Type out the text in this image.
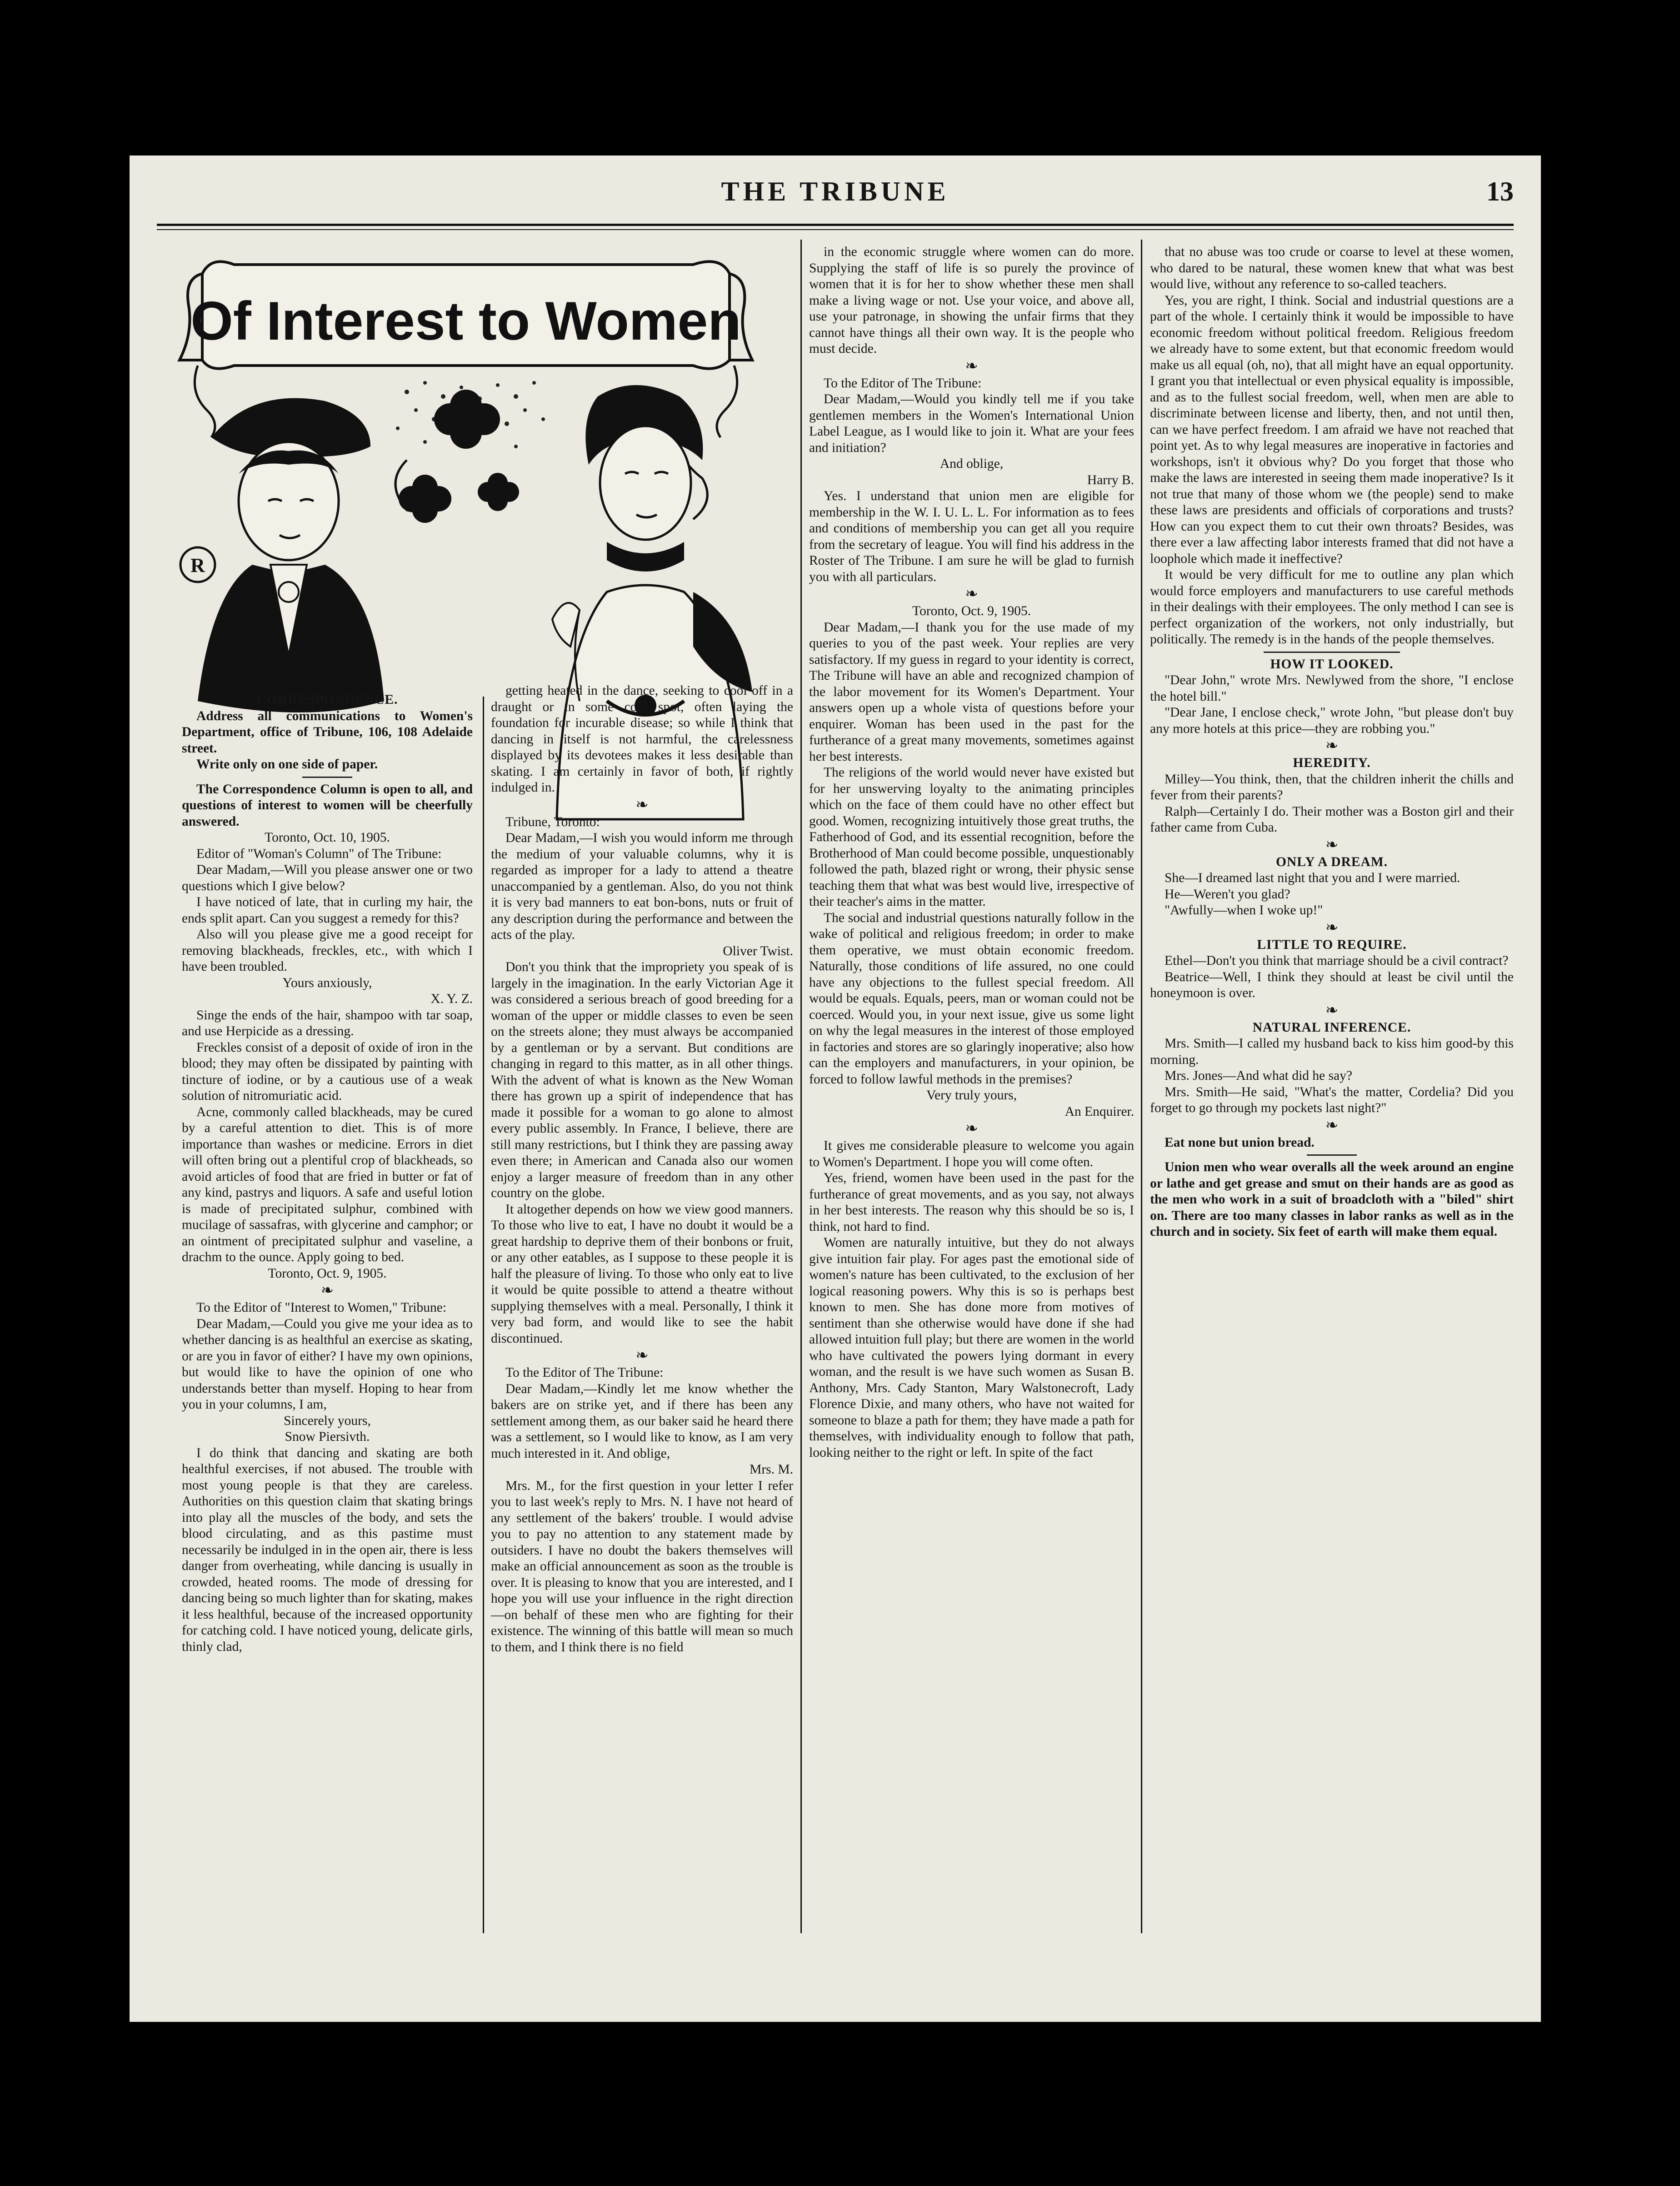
THE TRIBUNE	13
Of Interest to Women
R

CORRESPONDENCE.

Address all communications to Women's Department, office of Tribune, 106, 108 Adelaide street.

Write only on one side of paper.

The Correspondence Column is open to all, and questions of interest to women will be cheerfully answered.

Toronto, Oct. 10, 1905.

Editor of "Woman's Column" of The Tribune:

Dear Madam,—Will you please answer one or two questions which I give below?

I have noticed of late, that in curling my hair, the ends split apart. Can you suggest a remedy for this?

Also will you please give me a good receipt for removing blackheads, freckles, etc., with which I have been troubled.

Yours anxiously,

X. Y. Z.

Singe the ends of the hair, shampoo with tar soap, and use Herpicide as a dressing.

Freckles consist of a deposit of oxide of iron in the blood; they may often be dissipated by painting with tincture of iodine, or by a cautious use of a weak solution of nitromuriatic acid.

Acne, commonly called blackheads, may be cured by a careful attention to diet. This is of more importance than washes or medicine. Errors in diet will often bring out a plentiful crop of blackheads, so avoid articles of food that are fried in butter or fat of any kind, pastrys and liquors. A safe and useful lotion is made of precipitated sulphur, combined with mucilage of sassafras, with glycerine and camphor; or an ointment of precipitated sulphur and vaseline, a drachm to the ounce. Apply going to bed.

Toronto, Oct. 9, 1905.

❧

To the Editor of "Interest to Women," Tribune:

Dear Madam,—Could you give me your idea as to whether dancing is as healthful an exercise as skating, or are you in favor of either? I have my own opinions, but would like to have the opinion of one who understands better than myself. Hoping to hear from you in your columns, I am,

Sincerely yours,

Snow Piersivth.

I do think that dancing and skating are both healthful exercises, if not abused. The trouble with most young people is that they are careless. Authorities on this question claim that skating brings into play all the muscles of the body, and sets the blood circulating, and as this pastime must necessarily be indulged in in the open air, there is less danger from overheating, while dancing is usually in crowded, heated rooms. The mode of dressing for dancing being so much lighter than for skating, makes it less healthful, because of the increased opportunity for catching cold. I have noticed young, delicate girls, thinly clad,

getting heated in the dance, seeking to cool off in a draught or in some cold spot, often laying the foundation for incurable disease; so while I think that dancing in itself is not harmful, the carelessness displayed by its devotees makes it less desirable than skating. I am certainly in favor of both, if rightly indulged in.

❧

Tribune, Toronto:

Dear Madam,—I wish you would inform me through the medium of your valuable columns, why it is regarded as improper for a lady to attend a theatre unaccompanied by a gentleman. Also, do you not think it is very bad manners to eat bon-bons, nuts or fruit of any description during the performance and between the acts of the play.

Oliver Twist.

Don't you think that the impropriety you speak of is largely in the imagination. In the early Victorian Age it was considered a serious breach of good breeding for a woman of the upper or middle classes to even be seen on the streets alone; they must always be accompanied by a gentleman or by a servant. But conditions are changing in regard to this matter, as in all other things. With the advent of what is known as the New Woman there has grown up a spirit of independence that has made it possible for a woman to go alone to almost every public assembly. In France, I believe, there are still many restrictions, but I think they are passing away even there; in American and Canada also our women enjoy a larger measure of freedom than in any other country on the globe.

It altogether depends on how we view good manners. To those who live to eat, I have no doubt it would be a great hardship to deprive them of their bonbons or fruit, or any other eatables, as I suppose to these people it is half the pleasure of living. To those who only eat to live it would be quite possible to attend a theatre without supplying themselves with a meal. Personally, I think it very bad form, and would like to see the habit discontinued.

❧

To the Editor of The Tribune:

Dear Madam,—Kindly let me know whether the bakers are on strike yet, and if there has been any settlement among them, as our baker said he heard there was a settlement, so I would like to know, as I am very much interested in it. And oblige,

Mrs. M.

Mrs. M., for the first question in your letter I refer you to last week's reply to Mrs. N. I have not heard of any settlement of the bakers' trouble. I would advise you to pay no attention to any statement made by outsiders. I have no doubt the bakers themselves will make an official announcement as soon as the trouble is over. It is pleasing to know that you are interested, and I hope you will use your influence in the right direction—on behalf of these men who are fighting for their existence. The winning of this battle will mean so much to them, and I think there is no field

in the economic struggle where women can do more. Supplying the staff of life is so purely the province of women that it is for her to show whether these men shall make a living wage or not. Use your voice, and above all, use your patronage, in showing the unfair firms that they cannot have things all their own way. It is the people who must decide.

❧

To the Editor of The Tribune:

Dear Madam,—Would you kindly tell me if you take gentlemen members in the Women's International Union Label League, as I would like to join it. What are your fees and initiation?

And oblige,

Harry B.

Yes. I understand that union men are eligible for membership in the W. I. U. L. L. For information as to fees and conditions of membership you can get all you require from the secretary of league. You will find his address in the Roster of The Tribune. I am sure he will be glad to furnish you with all particulars.

❧

Toronto, Oct. 9, 1905.

Dear Madam,—I thank you for the use made of my queries to you of the past week. Your replies are very satisfactory. If my guess in regard to your identity is correct, The Tribune will have an able and recognized champion of the labor movement for its Women's Department. Your answers open up a whole vista of questions before your enquirer. Woman has been used in the past for the furtherance of a great many movements, sometimes against her best interests.

The religions of the world would never have existed but for her unswerving loyalty to the animating principles which on the face of them could have no other effect but good. Women, recognizing intuitively those great truths, the Fatherhood of God, and its essential recognition, before the Brotherhood of Man could become possible, unquestionably followed the path, blazed right or wrong, their physic sense teaching them that what was best would live, irrespective of their teacher's aims in the matter.

The social and industrial questions naturally follow in the wake of political and religious freedom; in order to make them operative, we must obtain economic freedom. Naturally, those conditions of life assured, no one could have any objections to the fullest special freedom. All would be equals. Equals, peers, man or woman could not be coerced. Would you, in your next issue, give us some light on why the legal measures in the interest of those employed in factories and stores are so glaringly inoperative; also how can the employers and manufacturers, in your opinion, be forced to follow lawful methods in the premises?

Very truly yours,

An Enquirer.

❧

It gives me considerable pleasure to welcome you again to Women's Department. I hope you will come often.

Yes, friend, women have been used in the past for the furtherance of great movements, and as you say, not always in her best interests. The reason why this should be so is, I think, not hard to find.

Women are naturally intuitive, but they do not always give intuition fair play. For ages past the emotional side of women's nature has been cultivated, to the exclusion of her logical reasoning powers. Why this is so is perhaps best known to men. She has done more from motives of sentiment than she otherwise would have done if she had allowed intuition full play; but there are women in the world who have cultivated the powers lying dormant in every woman, and the result is we have such women as Susan B. Anthony, Mrs. Cady Stanton, Mary Walstonecroft, Lady Florence Dixie, and many others, who have not waited for someone to blaze a path for them; they have made a path for themselves, with individuality enough to follow that path, looking neither to the right or left. In spite of the fact

that no abuse was too crude or coarse to level at these women, who dared to be natural, these women knew that what was best would live, without any reference to so-called teachers.

Yes, you are right, I think. Social and industrial questions are a part of the whole. I certainly think it would be impossible to have economic freedom without political freedom. Religious freedom we already have to some extent, but that economic freedom would make us all equal (oh, no), that all might have an equal opportunity. I grant you that intellectual or even physical equality is impossible, and as to the fullest social freedom, well, when men are able to discriminate between license and liberty, then, and not until then, can we have perfect freedom. I am afraid we have not reached that point yet. As to why legal measures are inoperative in factories and workshops, isn't it obvious why? Do you forget that those who make the laws are interested in seeing them made inoperative? Is it not true that many of those whom we (the people) send to make these laws are presidents and officials of corporations and trusts? How can you expect them to cut their own throats? Besides, was there ever a law affecting labor interests framed that did not have a loophole which made it ineffective?

It would be very difficult for me to outline any plan which would force employers and manufacturers to use careful methods in their dealings with their employees. The only method I can see is perfect organization of the workers, not only industrially, but politically. The remedy is in the hands of the people themselves.

HOW IT LOOKED.

"Dear John," wrote Mrs. Newlywed from the shore, "I enclose the hotel bill."

"Dear Jane, I enclose check," wrote John, "but please don't buy any more hotels at this price—they are robbing you."

❧

HEREDITY.

Milley—You think, then, that the children inherit the chills and fever from their parents?

Ralph—Certainly I do. Their mother was a Boston girl and their father came from Cuba.

❧

ONLY A DREAM.

She—I dreamed last night that you and I were married.

He—Weren't you glad?

"Awfully—when I woke up!"

❧

LITTLE TO REQUIRE.

Ethel—Don't you think that marriage should be a civil contract?

Beatrice—Well, I think they should at least be civil until the honeymoon is over.

❧

NATURAL INFERENCE.

Mrs. Smith—I called my husband back to kiss him good-by this morning.

Mrs. Jones—And what did he say?

Mrs. Smith—He said, "What's the matter, Cordelia? Did you forget to go through my pockets last night?"

❧

Eat none but union bread.

Union men who wear overalls all the week around an engine or lathe and get grease and smut on their hands are as good as the men who work in a suit of broadcloth with a "biled" shirt on. There are too many classes in labor ranks as well as in the church and in society. Six feet of earth will make them equal.
